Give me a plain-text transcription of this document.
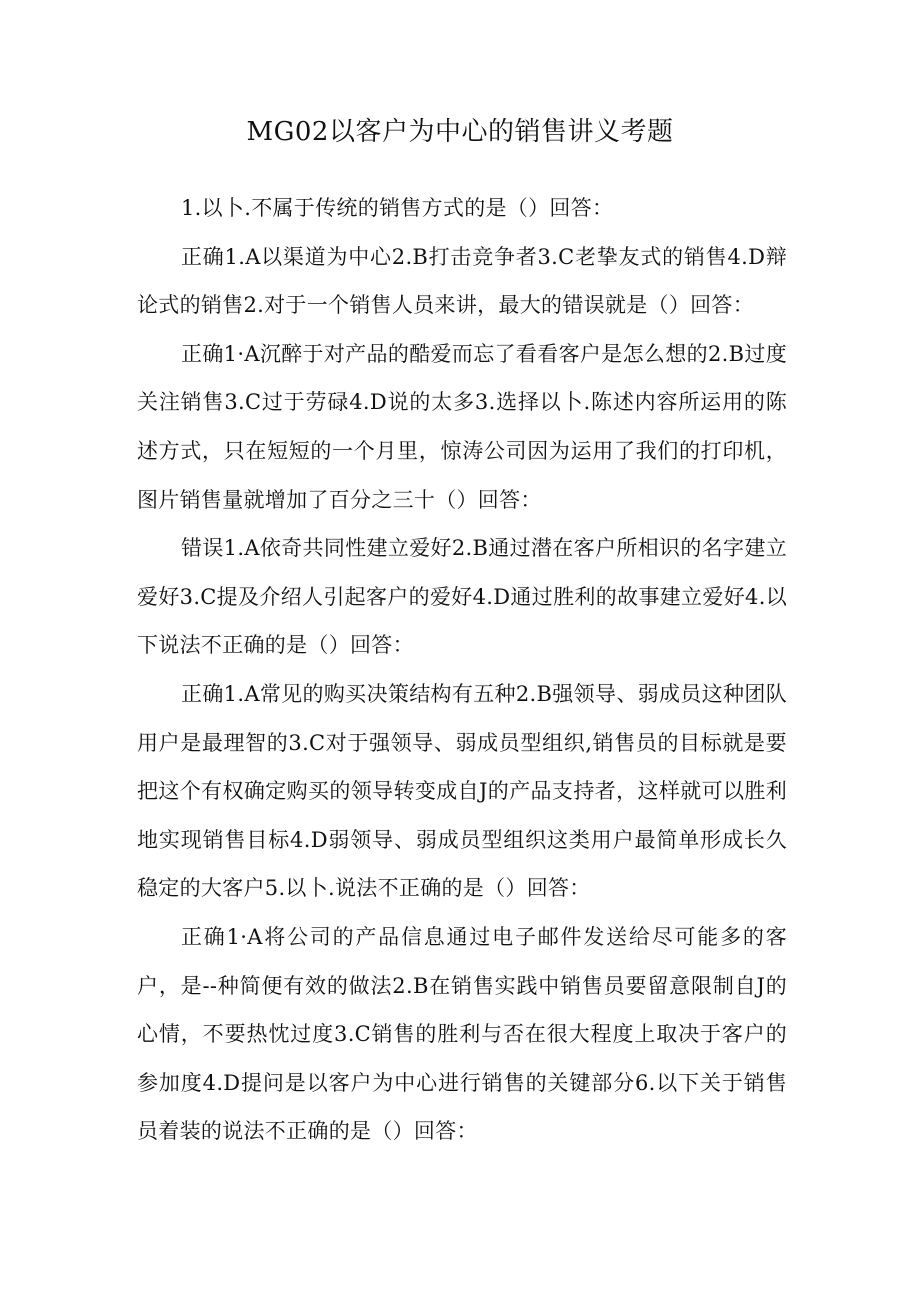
MG02以客户为中心的销售讲义考题

1.以卜.不属于传统的销售方式的是（）回答：

正确1.A以渠道为中心2.B打击竞争者3.C老挚友式的销售4.D辩论式的销售2.对于一个销售人员来讲，最大的错误就是（）回答：

正确1·A沉醉于对产品的酷爱而忘了看看客户是怎么想的2.B过度关注销售3.C过于劳碌4.D说的太多3.选择以卜.陈述内容所运用的陈述方式，只在短短的一个月里，惊涛公司因为运用了我们的打印机，图片销售量就增加了百分之三十（）回答：

错误1.A依奇共同性建立爱好2.B通过潜在客户所相识的名字建立爱好3.C提及介绍人引起客户的爱好4.D通过胜利的故事建立爱好4.以下说法不正确的是（）回答：

正确1.A常见的购买决策结构有五种2.B强领导、弱成员这种团队用户是最理智的3.C对于强领导、弱成员型组织,销售员的目标就是要把这个有权确定购买的领导转变成自J的产品支持者，这样就可以胜利地实现销售目标4.D弱领导、弱成员型组织这类用户最简单形成长久稳定的大客户5.以卜.说法不正确的是（）回答：

正确1·A将公司的产品信息通过电子邮件发送给尽可能多的客户，是--种简便有效的做法2.B在销售实践中销售员要留意限制自J的心情，不要热忱过度3.C销售的胜利与否在很大程度上取决于客户的参加度4.D提问是以客户为中心进行销售的关键部分6.以下关于销售员着装的说法不正确的是（）回答：
